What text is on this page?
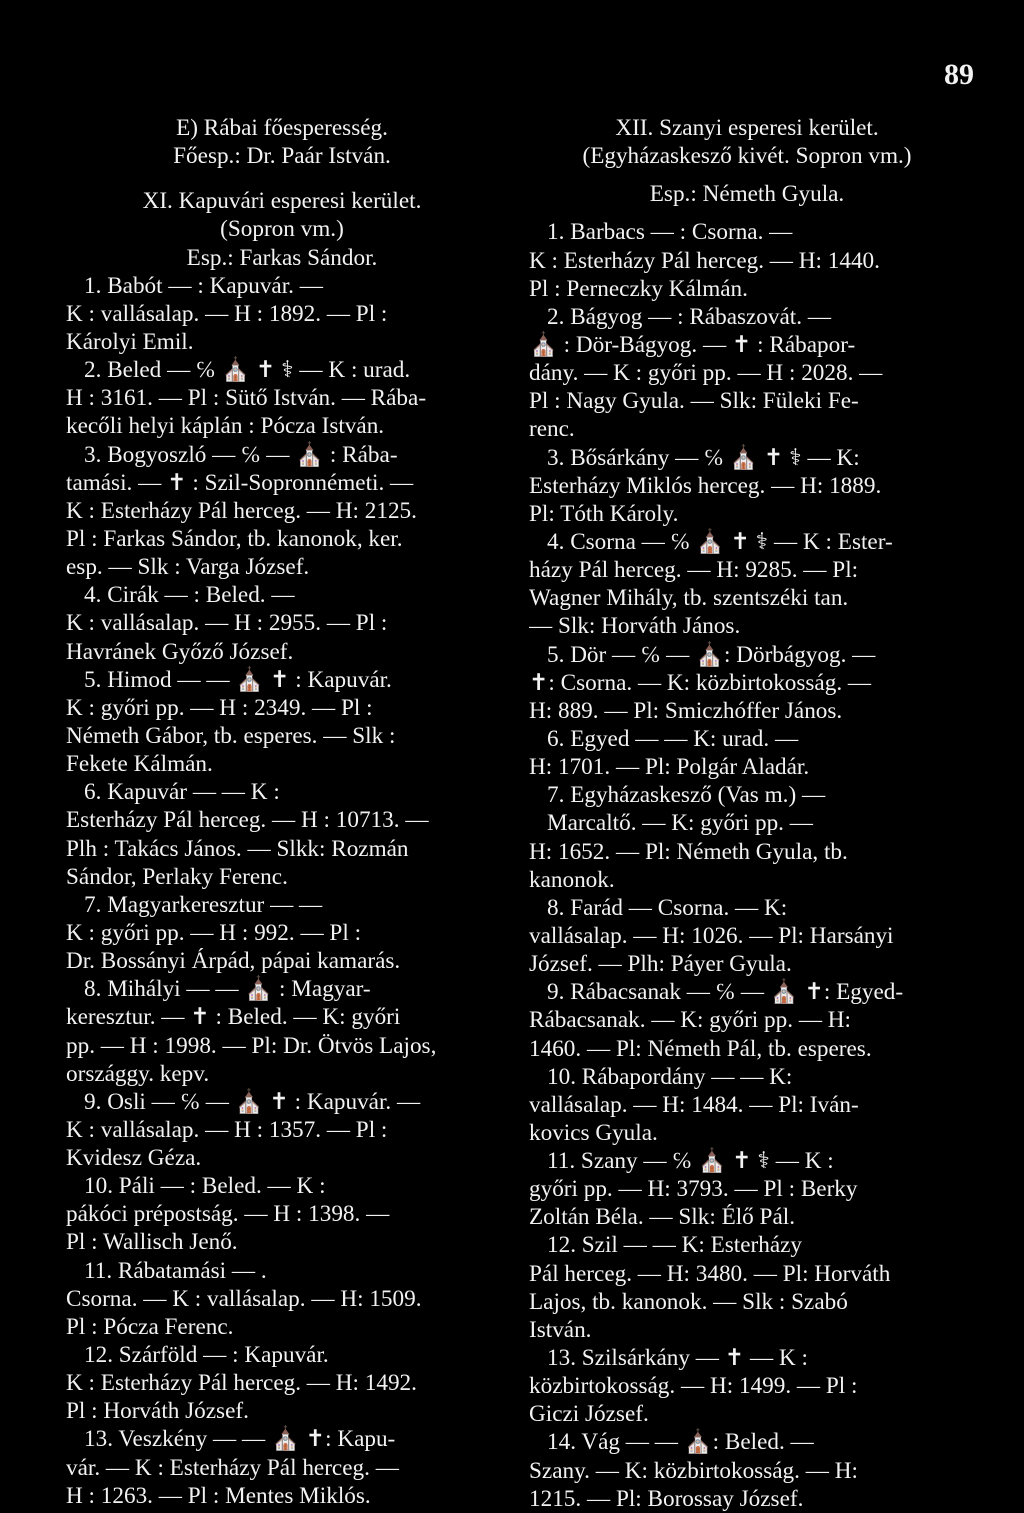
89
E) Rábai főesperesség.
Főesp.: Dr. Paár István.
XI. Kapuvári esperesi kerület.
(Sopron vm.)
Esp.: Farkas Sándor.
1. Babót — : Kapuvár. —
K : vallásalap. — H : 1892. — Pl :
Károlyi Emil.
2. Beled — ℅ ⛪ ✝ ⚕ — K : urad.
H : 3161. — Pl : Sütő István. — Rába-
kecőli helyi káplán : Pócza István.
3. Bogyoszló — ℅ — ⛪ : Rába-
tamási. — ✝ : Szil-Sopronnémeti. —
K : Esterházy Pál herceg. — H: 2125.
Pl : Farkas Sándor, tb. kanonok, ker.
esp. — Slk : Varga József.
4. Cirák — : Beled. —
K : vallásalap. — H : 2955. — Pl :
Havránek Győző József.
5. Himod — — ⛪ ✝ : Kapuvár.
K : győri pp. — H : 2349. — Pl :
Németh Gábor, tb. esperes. — Slk :
Fekete Kálmán.
6. Kapuvár — — K :
Esterházy Pál herceg. — H : 10713. —
Plh : Takács János. — Slkk: Rozmán
Sándor, Perlaky Ferenc.
7. Magyarkeresztur — —
K : győri pp. — H : 992. — Pl :
Dr. Bossányi Árpád, pápai kamarás.
8. Mihályi — — ⛪ : Magyar-
keresztur. — ✝ : Beled. — K: győri
pp. — H : 1998. — Pl: Dr. Ötvös Lajos,
országgy. kepv.
9. Osli — ℅ — ⛪ ✝ : Kapuvár. —
K : vallásalap. — H : 1357. — Pl :
Kvidesz Géza.
10. Páli — : Beled. — K :
pákóci prépostság. — H : 1398. —
Pl : Wallisch Jenő.
11. Rábatamási — .
Csorna. — K : vallásalap. — H: 1509.
Pl : Pócza Ferenc.
12. Szárföld — : Kapuvár.
K : Esterházy Pál herceg. — H: 1492.
Pl : Horváth József.
13. Veszkény — — ⛪ ✝: Kapu-
vár. — K : Esterházy Pál herceg. —
H : 1263. — Pl : Mentes Miklós.
XII. Szanyi esperesi kerület.
(Egyházaskesző kivét. Sopron vm.)
Esp.: Németh Gyula.
1. Barbacs — : Csorna. —
K : Esterházy Pál herceg. — H: 1440.
Pl : Perneczky Kálmán.
2. Bágyog — : Rábaszovát. —
⛪ : Dör-Bágyog. — ✝ : Rábapor-
dány. — K : győri pp. — H : 2028. —
Pl : Nagy Gyula. — Slk: Füleki Fe-
renc.
3. Bősárkány — ℅ ⛪ ✝ ⚕ — K:
Esterházy Miklós herceg. — H: 1889.
Pl: Tóth Károly.
4. Csorna — ℅ ⛪ ✝ ⚕ — K : Ester-
házy Pál herceg. — H: 9285. — Pl:
Wagner Mihály, tb. szentszéki tan.
— Slk: Horváth János.
5. Dör — ℅ — ⛪: Dörbágyog. —
✝: Csorna. — K: közbirtokosság. —
H: 889. — Pl: Smiczhóffer János.
6. Egyed — — K: urad. —
H: 1701. — Pl: Polgár Aladár.
7. Egyházaskesző (Vas m.) —
Marcaltő. — K: győri pp. —
H: 1652. — Pl: Németh Gyula, tb.
kanonok.
8. Farád — Csorna. — K:
vallásalap. — H: 1026. — Pl: Harsányi
József. — Plh: Páyer Gyula.
9. Rábacsanak — ℅ — ⛪ ✝: Egyed-
Rábacsanak. — K: győri pp. — H:
1460. — Pl: Németh Pál, tb. esperes.
10. Rábapordány — — K:
vallásalap. — H: 1484. — Pl: Iván-
kovics Gyula.
11. Szany — ℅ ⛪ ✝ ⚕ — K :
győri pp. — H: 3793. — Pl : Berky
Zoltán Béla. — Slk: Élő Pál.
12. Szil — — K: Esterházy
Pál herceg. — H: 3480. — Pl: Horváth
Lajos, tb. kanonok. — Slk : Szabó
István.
13. Szilsárkány — ✝ — K :
közbirtokosság. — H: 1499. — Pl :
Giczi József.
14. Vág — — ⛪: Beled. —
Szany. — K: közbirtokosság. — H:
1215. — Pl: Borossay József.
